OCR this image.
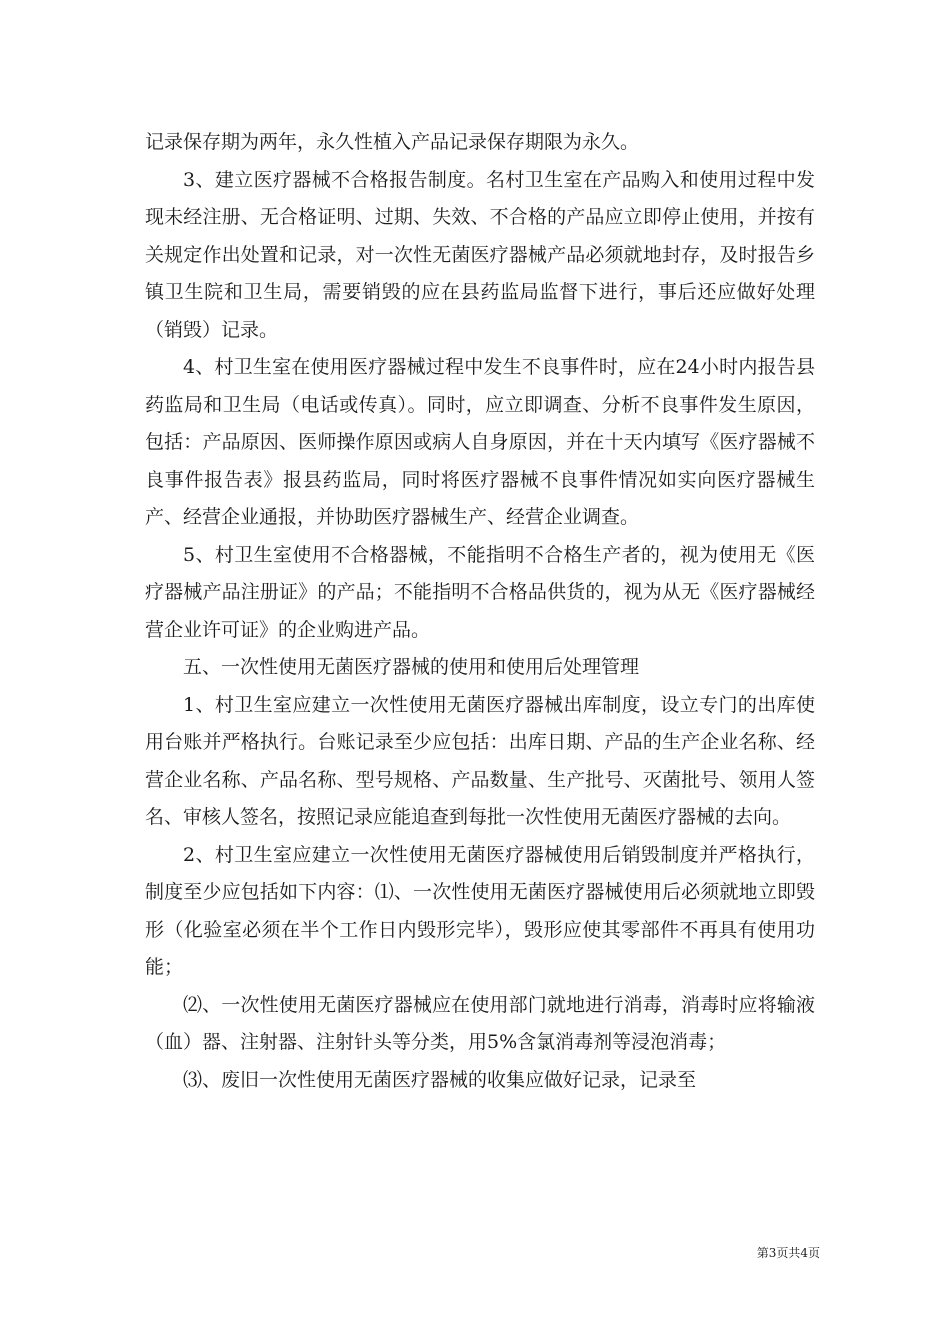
记录保存期为两年，永久性植入产品记录保存期限为永久。

3、建立医疗器械不合格报告制度。名村卫生室在产品购入和使用过程中发现未经注册、无合格证明、过期、失效、不合格的产品应立即停止使用，并按有关规定作出处置和记录，对一次性无菌医疗器械产品必须就地封存，及时报告乡镇卫生院和卫生局，需要销毁的应在县药监局监督下进行，事后还应做好处理（销毁）记录。

4、村卫生室在使用医疗器械过程中发生不良事件时，应在24小时内报告县药监局和卫生局（电话或传真）。同时，应立即调查、分析不良事件发生原因，包括：产品原因、医师操作原因或病人自身原因，并在十天内填写《医疗器械不良事件报告表》报县药监局，同时将医疗器械不良事件情况如实向医疗器械生产、经营企业通报，并协助医疗器械生产、经营企业调查。

5、村卫生室使用不合格器械，不能指明不合格生产者的，视为使用无《医疗器械产品注册证》的产品；不能指明不合格品供货的，视为从无《医疗器械经营企业许可证》的企业购进产品。

五、一次性使用无菌医疗器械的使用和使用后处理管理

1、村卫生室应建立一次性使用无菌医疗器械出库制度，设立专门的出库使用台账并严格执行。台账记录至少应包括：出库日期、产品的生产企业名称、经营企业名称、产品名称、型号规格、产品数量、生产批号、灭菌批号、领用人签名、审核人签名，按照记录应能追查到每批一次性使用无菌医疗器械的去向。

2、村卫生室应建立一次性使用无菌医疗器械使用后销毁制度并严格执行，制度至少应包括如下内容：⑴、一次性使用无菌医疗器械使用后必须就地立即毁形（化验室必须在半个工作日内毁形完毕），毁形应使其零部件不再具有使用功能；

⑵、一次性使用无菌医疗器械应在使用部门就地进行消毒，消毒时应将输液（血）器、注射器、注射针头等分类，用5%含氯消毒剂等浸泡消毒；

⑶、废旧一次性使用无菌医疗器械的收集应做好记录，记录至

第3页共4页
